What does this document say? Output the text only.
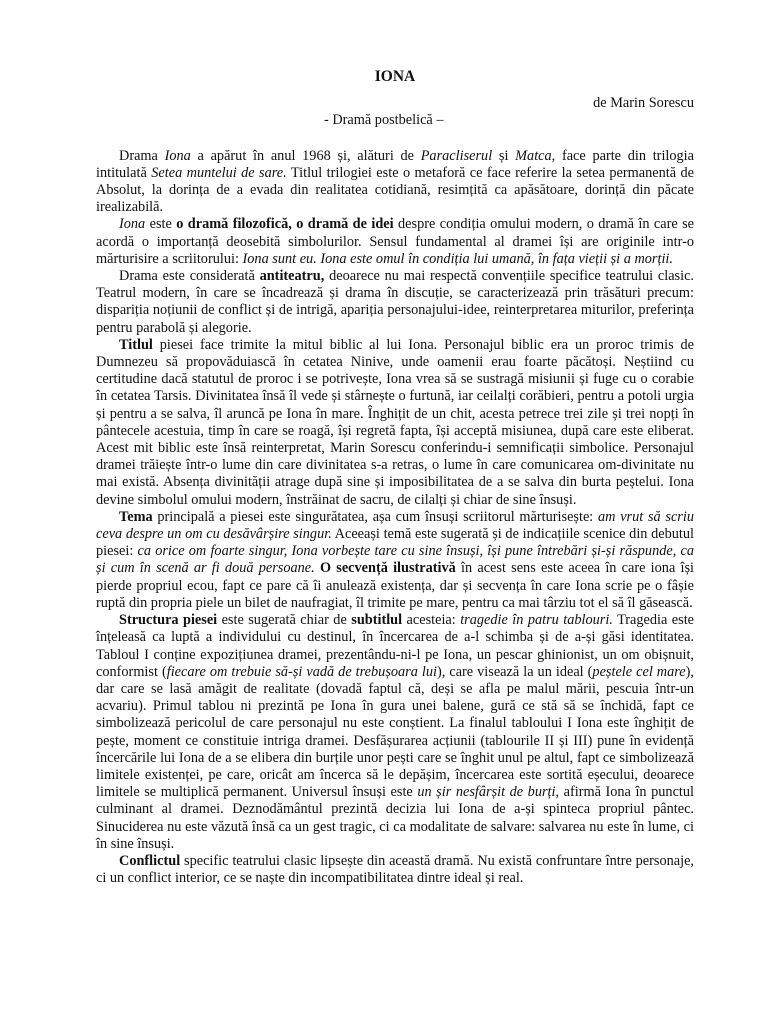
IONA
de Marin Sorescu
- Dramă postbelică –

Drama Iona a apărut în anul 1968 și, alături de Paracliserul și Matca, face parte din trilogia intitulată Setea muntelui de sare. Titlul trilogiei este o metaforă ce face referire la setea permanentă de Absolut, la dorința de a evada din realitatea cotidiană, resimțită ca apăsătoare, dorință din păcate irealizabilă.

Iona este o dramă filozofică, o dramă de idei despre condiția omului modern, o dramă în care se acordă o importanță deosebită simbolurilor. Sensul fundamental al dramei își are originile intr-o mărturisire a scriitorului: Iona sunt eu. Iona este omul în condiția lui umană, în fața vieții și a morții.

Drama este considerată antiteatru, deoarece nu mai respectă convențiile specifice teatrului clasic. Teatrul modern, în care se încadrează și drama în discuție, se caracterizează prin trăsături precum: dispariția noțiunii de conflict și de intrigă, apariția personajului-idee, reinterpretarea miturilor, preferința pentru parabolă și alegorie.

Titlul piesei face trimite la mitul biblic al lui Iona. Personajul biblic era un proroc trimis de Dumnezeu să propovăduiască în cetatea Ninive, unde oamenii erau foarte păcătoși. Neștiind cu certitudine dacă statutul de proroc i se potrivește, Iona vrea să se sustragă misiunii și fuge cu o corabie în cetatea Tarsis. Divinitatea însă îl vede și stârnește o furtună, iar ceilalți corăbieri, pentru a potoli urgia și pentru a se salva, îl aruncă pe Iona în mare. Înghițit de un chit, acesta petrece trei zile și trei nopți în pântecele acestuia, timp în care se roagă, își regretă fapta, își acceptă misiunea, după care este eliberat. Acest mit biblic este însă reinterpretat, Marin Sorescu conferindu-i semnificații simbolice. Personajul dramei trăiește într-o lume din care divinitatea s-a retras, o lume în care comunicarea om-divinitate nu mai există. Absența divinității atrage după sine și imposibilitatea de a se salva din burta peștelui. Iona devine simbolul omului modern, înstrăinat de sacru, de cilalți și chiar de sine însuși.

Tema principală a piesei este singurătatea, așa cum însuși scriitorul mărturisește: am vrut să scriu ceva despre un om cu desăvârșire singur. Aceeași temă este sugerată și de indicațiile scenice din debutul piesei: ca orice om foarte singur, Iona vorbește tare cu sine însuși, își pune întrebări și-și răspunde, ca și cum în scenă ar fi două persoane. O secvență ilustrativă în acest sens este aceea în care iona își pierde propriul ecou, fapt ce pare că îi anulează existența, dar și secvența în care Iona scrie pe o fâșie ruptă din propria piele un bilet de naufragiat, îl trimite pe mare, pentru ca mai târziu tot el să îl găsească.

Structura piesei este sugerată chiar de subtitlul acesteia: tragedie în patru tablouri. Tragedia este înțeleasă ca luptă a individului cu destinul, în încercarea de a-l schimba și de a-și găsi identitatea. Tabloul I conține expozițiunea dramei, prezentându-ni-l pe Iona, un pescar ghinionist, un om obișnuit, conformist (fiecare om trebuie să-și vadă de trebușoara lui), care visează la un ideal (peștele cel mare), dar care se lasă amăgit de realitate (dovadă faptul că, deși se afla pe malul mării, pescuia într-un acvariu). Primul tablou ni prezintă pe Iona în gura unei balene, gură ce stă să se închidă, fapt ce simbolizează pericolul de care personajul nu este conștient. La finalul tabloului I Iona este înghițit de pește, moment ce constituie intriga dramei. Desfășurarea acțiunii (tablourile II și III) pune în evidență încercările lui Iona de a se elibera din burțile unor pești care se înghit unul pe altul, fapt ce simbolizează limitele existenței, pe care, oricât am încerca să le depășim, încercarea este sortită eșecului, deoarece limitele se multiplică permanent. Universul însuși este un șir nesfârșit de burți, afirmă Iona în punctul culminant al dramei. Deznodământul prezintă decizia lui Iona de a-și spinteca propriul pântec. Sinuciderea nu este văzută însă ca un gest tragic, ci ca modalitate de salvare: salvarea nu este în lume, ci în sine însuși.

Conflictul specific teatrului clasic lipsește din această dramă. Nu există confruntare între personaje, ci un conflict interior, ce se naște din incompatibilitatea dintre ideal și real.
